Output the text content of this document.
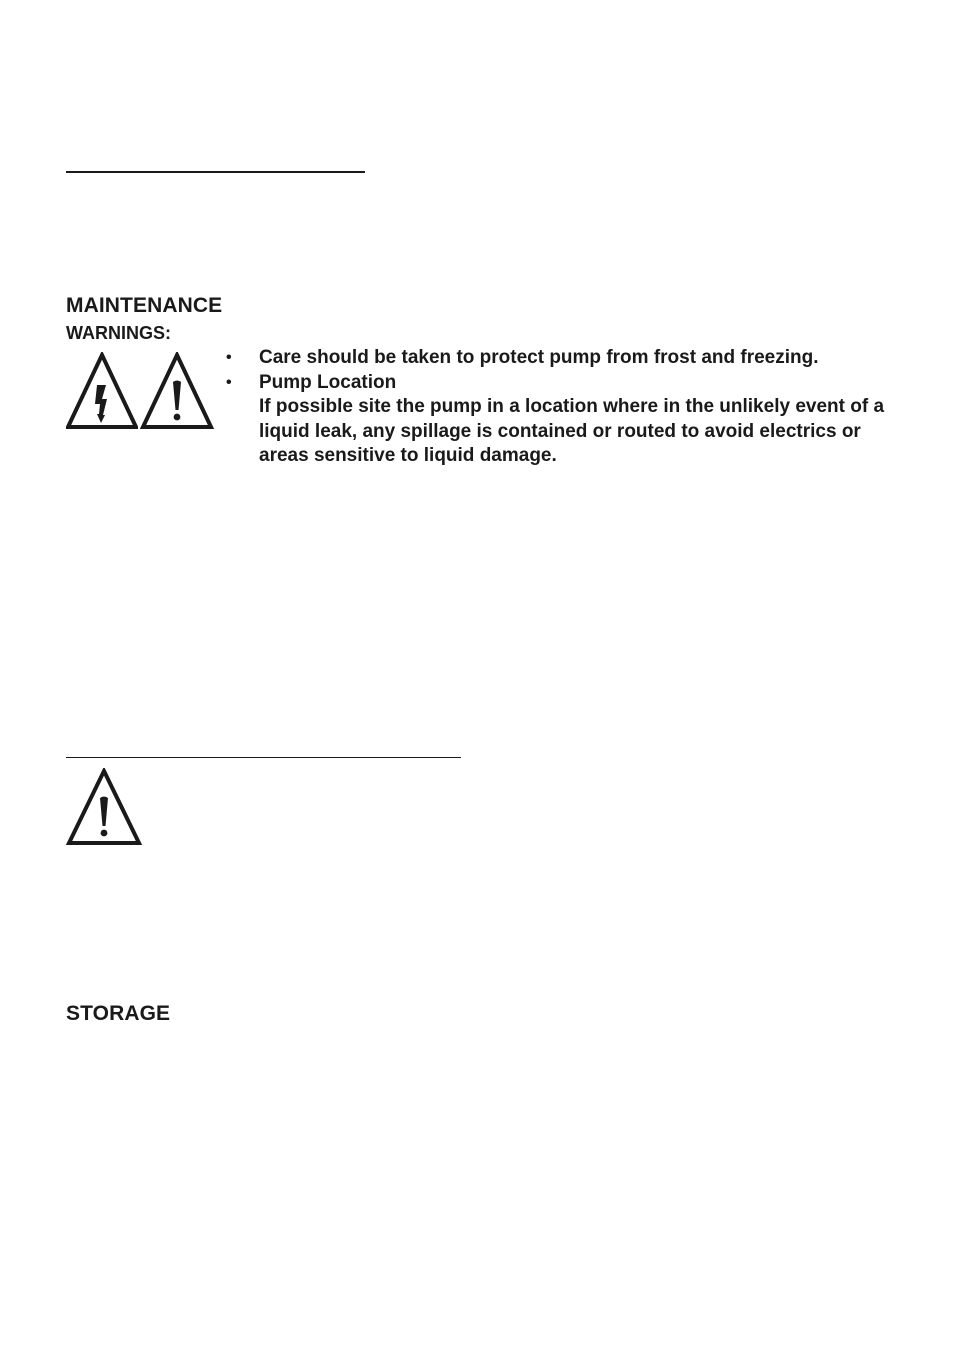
MAINTENANCE
WARNINGS:
• Care should be taken to protect pump from frost and freezing.
• Pump Location
If possible site the pump in a location where in the unlikely event of a liquid leak, any spillage is contained or routed to avoid electrics or areas sensitive to liquid damage.
STORAGE
